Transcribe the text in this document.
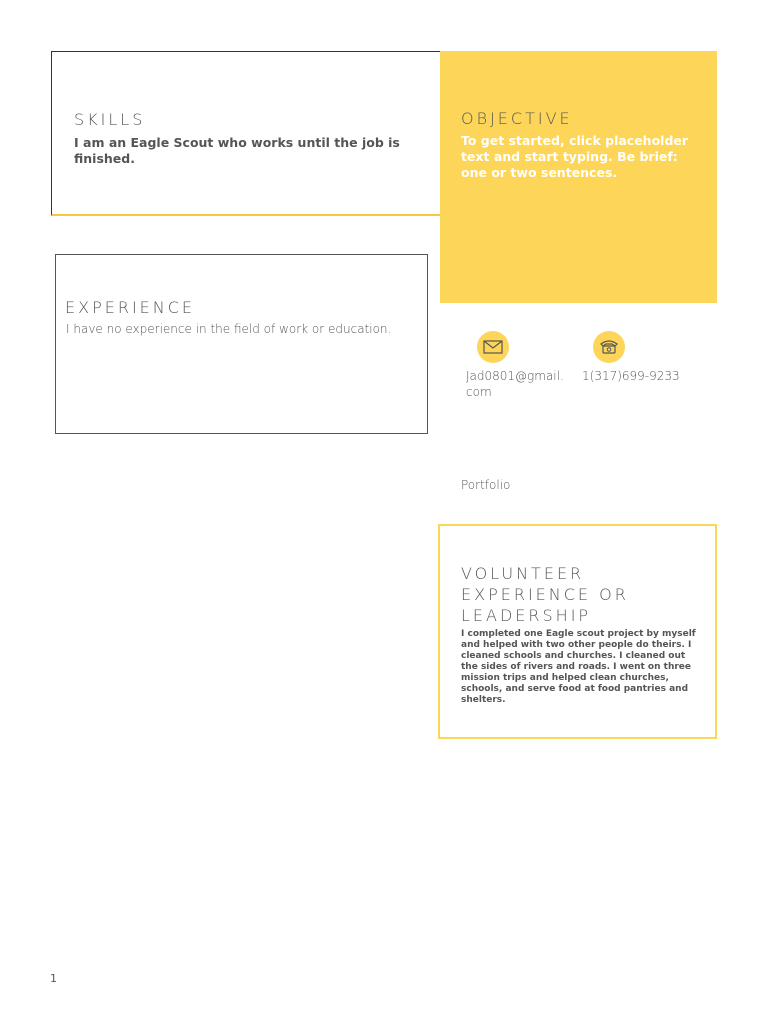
SKILLS
I am an Eagle Scout who works until the job is finished.
OBJECTIVE
To get started, click placeholder text and start typing. Be brief: one or two sentences.
EXPERIENCE
I have no experience in the field of work or education.
Jad0801@gmail.
com
1(317)699-9233
Portfolio
VOLUNTEER
EXPERIENCE OR
LEADERSHIP
I completed one Eagle scout project by myself and helped with two other people do theirs. I cleaned schools and churches. I cleaned out the sides of rivers and roads. I went on three mission trips and helped clean churches, schools, and serve food at food pantries and shelters.
1
